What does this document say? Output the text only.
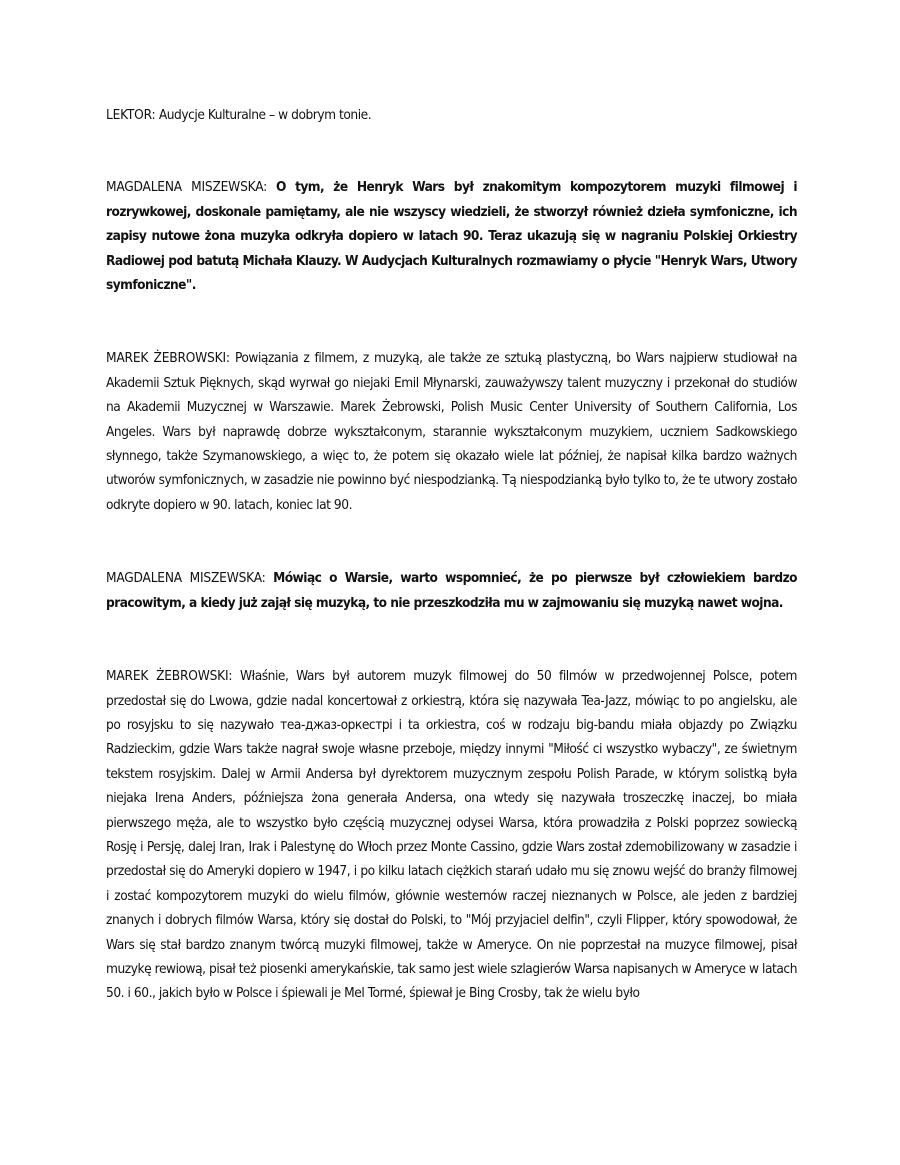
LEKTOR: Audycje Kulturalne – w dobrym tonie.

MAGDALENA MISZEWSKA: O tym, że Henryk Wars był znakomitym kompozytorem muzyki filmowej i rozrywkowej, doskonale pamiętamy, ale nie wszyscy wiedzieli, że stworzył również dzieła symfoniczne, ich zapisy nutowe żona muzyka odkryła dopiero w latach 90. Teraz ukazują się w nagraniu Polskiej Orkiestry Radiowej pod batutą Michała Klauzy. W Audycjach Kulturalnych rozmawiamy o płycie "Henryk Wars, Utwory symfoniczne".

MAREK ŻEBROWSKI: Powiązania z filmem, z muzyką, ale także ze sztuką plastyczną, bo Wars najpierw studiował na Akademii Sztuk Pięknych, skąd wyrwał go niejaki Emil Młynarski, zauważywszy talent muzyczny i przekonał do studiów na Akademii Muzycznej w Warszawie. Marek Żebrowski, Polish Music Center University of Southern California, Los Angeles. Wars był naprawdę dobrze wykształconym, starannie wykształconym muzykiem, uczniem Sadkowskiego słynnego, także Szymanowskiego, a więc to, że potem się okazało wiele lat później, że napisał kilka bardzo ważnych utworów symfonicznych, w zasadzie nie powinno być niespodzianką. Tą niespodzianką było tylko to, że te utwory zostało odkryte dopiero w 90. latach, koniec lat 90.

MAGDALENA MISZEWSKA: Mówiąc o Warsie, warto wspomnieć, że po pierwsze był człowiekiem bardzo pracowitym, a kiedy już zajął się muzyką, to nie przeszkodziła mu w zajmowaniu się muzyką nawet wojna.

MAREK ŻEBROWSKI: Właśnie, Wars był autorem muzyk filmowej do 50 filmów w przedwojennej Polsce, potem przedostał się do Lwowa, gdzie nadal koncertował z orkiestrą, która się nazywała Tea-Jazz, mówiąc to po angielsku, ale po rosyjsku to się nazywało теа-джаз-оркестрі i ta orkiestra, coś w rodzaju big-bandu miała objazdy po Związku Radzieckim, gdzie Wars także nagrał swoje własne przeboje, między innymi "Miłość ci wszystko wybaczy", ze świetnym tekstem rosyjskim. Dalej w Armii Andersa był dyrektorem muzycznym zespołu Polish Parade, w którym solistką była niejaka Irena Anders, późniejsza żona generała Andersa, ona wtedy się nazywała troszeczkę inaczej, bo miała pierwszego męża, ale to wszystko było częścią muzycznej odysei Warsa, która prowadziła z Polski poprzez sowiecką Rosję i Persję, dalej Iran, Irak i Palestynę do Włoch przez Monte Cassino, gdzie Wars został zdemobilizowany w zasadzie i przedostał się do Ameryki dopiero w 1947, i po kilku latach ciężkich starań udało mu się znowu wejść do branży filmowej i zostać kompozytorem muzyki do wielu filmów, głównie westernów raczej nieznanych w Polsce, ale jeden z bardziej znanych i dobrych filmów Warsa, który się dostał do Polski, to "Mój przyjaciel delfin", czyli Flipper, który spowodował, że Wars się stał bardzo znanym twórcą muzyki filmowej, także w Ameryce. On nie poprzestał na muzyce filmowej, pisał muzykę rewiową, pisał też piosenki amerykańskie, tak samo jest wiele szlagierów Warsa napisanych w Ameryce w latach 50. i 60., jakich było w Polsce i śpiewali je Mel Tormé, śpiewał je Bing Crosby, tak że wielu było
